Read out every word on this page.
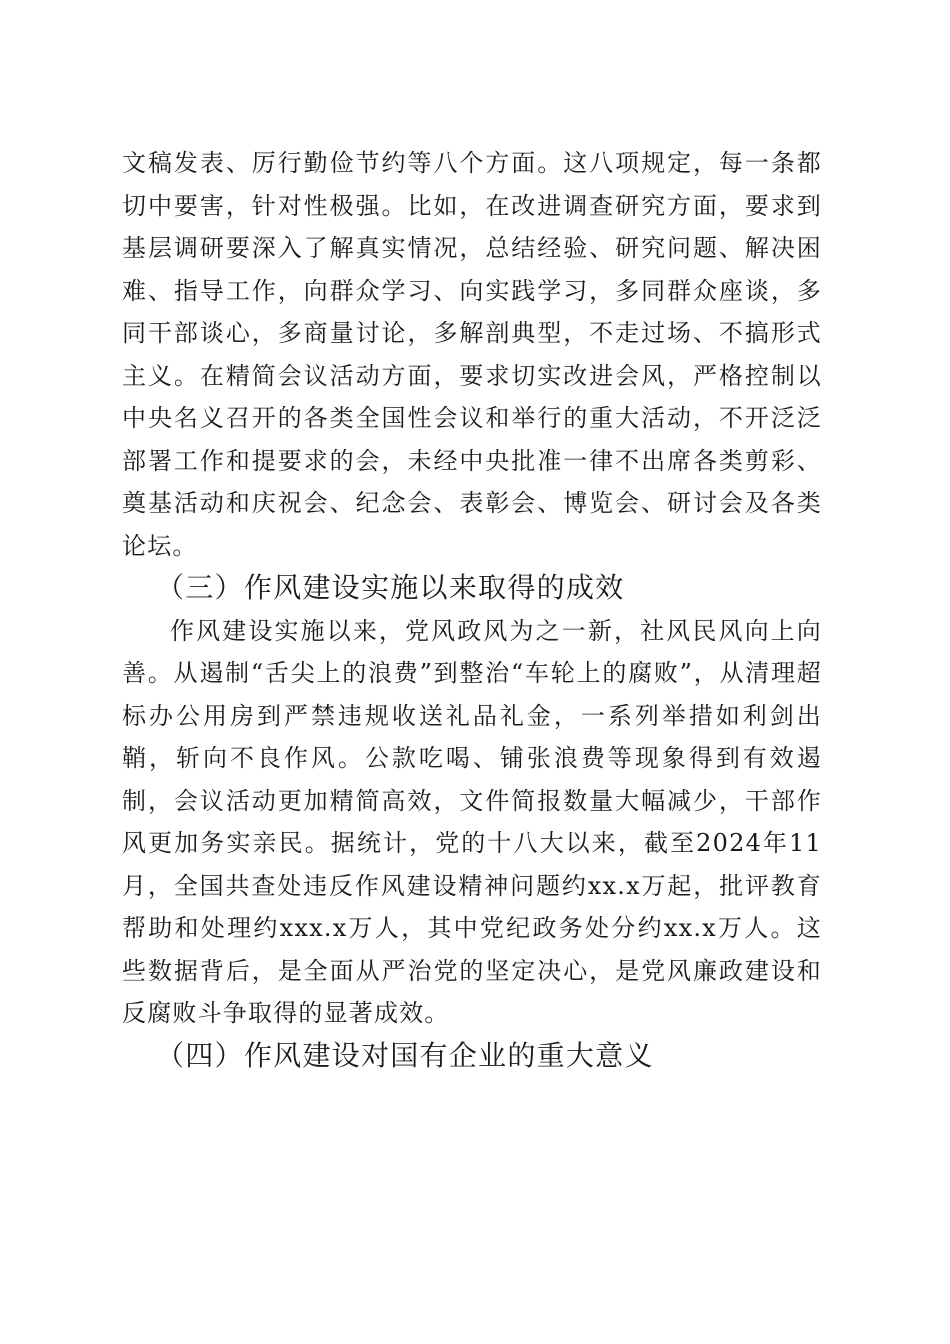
文稿发表、厉行勤俭节约等八个方面。这八项规定，每一条都切中要害，针对性极强。比如，在改进调查研究方面，要求到基层调研要深入了解真实情况，总结经验、研究问题、解决困难、指导工作，向群众学习、向实践学习，多同群众座谈，多同干部谈心，多商量讨论，多解剖典型，不走过场、不搞形式主义。在精简会议活动方面，要求切实改进会风，严格控制以中央名义召开的各类全国性会议和举行的重大活动，不开泛泛部署工作和提要求的会，未经中央批准一律不出席各类剪彩、奠基活动和庆祝会、纪念会、表彰会、博览会、研讨会及各类论坛。

（三）作风建设实施以来取得的成效

作风建设实施以来，党风政风为之一新，社风民风向上向善。从遏制“舌尖上的浪费”到整治“车轮上的腐败”，从清理超标办公用房到严禁违规收送礼品礼金，一系列举措如利剑出鞘，斩向不良作风。公款吃喝、铺张浪费等现象得到有效遏制，会议活动更加精简高效，文件简报数量大幅减少，干部作风更加务实亲民。据统计，党的十八大以来，截至2024年11月，全国共查处违反作风建设精神问题约xx.x万起，批评教育帮助和处理约xxx.x万人，其中党纪政务处分约xx.x万人。这些数据背后，是全面从严治党的坚定决心，是党风廉政建设和反腐败斗争取得的显著成效。

（四）作风建设对国有企业的重大意义
